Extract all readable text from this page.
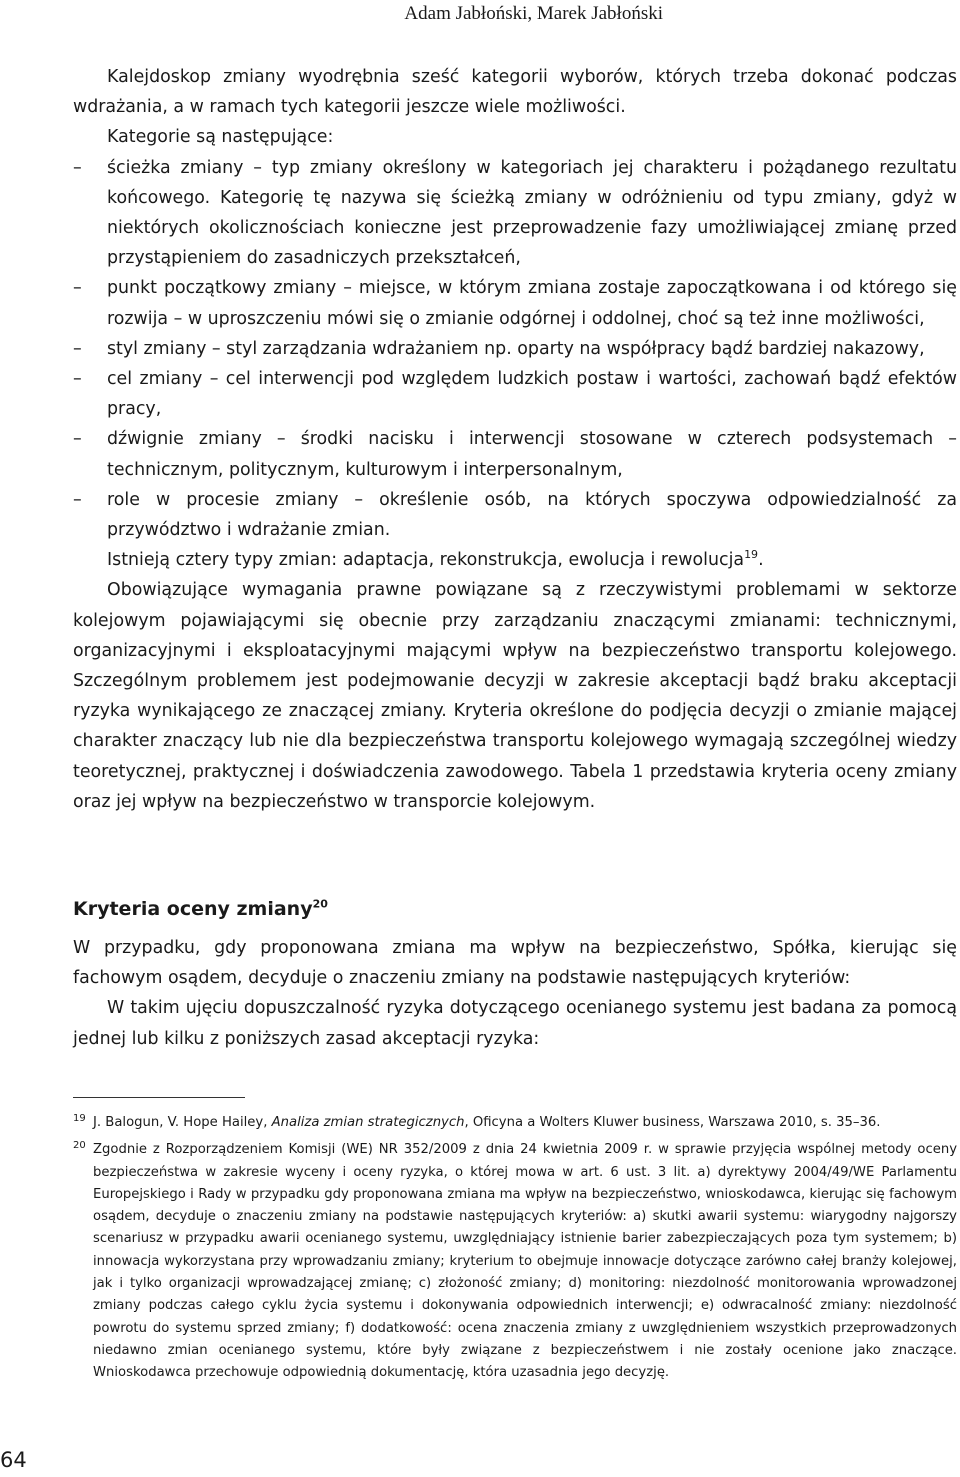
Adam Jabłoński, Marek Jabłoński

Kalejdoskop zmiany wyodrębnia sześć kategorii wyborów, których trzeba dokonać podczas wdrażania, a w ramach tych kategorii jeszcze wiele możliwości.

Kategorie są następujące:

– ścieżka zmiany – typ zmiany określony w kategoriach jej charakteru i pożądanego rezultatu końcowego. Kategorię tę nazywa się ścieżką zmiany w odróżnieniu od typu zmiany, gdyż w niektórych okolicznościach konieczne jest przeprowadzenie fazy umożliwiającej zmianę przed przystąpieniem do zasadniczych przekształceń,
– punkt początkowy zmiany – miejsce, w którym zmiana zostaje zapoczątkowana i od którego się rozwija – w uproszczeniu mówi się o zmianie odgórnej i oddolnej, choć są też inne możliwości,
– styl zmiany – styl zarządzania wdrażaniem np. oparty na współpracy bądź bardziej nakazowy,
– cel zmiany – cel interwencji pod względem ludzkich postaw i wartości, zachowań bądź efektów pracy,
– dźwignie zmiany – środki nacisku i interwencji stosowane w czterech podsystemach – technicznym, politycznym, kulturowym i interpersonalnym,
– role w procesie zmiany – określenie osób, na których spoczywa odpowiedzialność za przywództwo i wdrażanie zmian.

Istnieją cztery typy zmian: adaptacja, rekonstrukcja, ewolucja i rewolucja$^{19}$.

Obowiązujące wymagania prawne powiązane są z rzeczywistymi problemami w sektorze kolejowym pojawiającymi się obecnie przy zarządzaniu znaczącymi zmianami: technicznymi, organizacyjnymi i eksploatacyjnymi mającymi wpływ na bezpieczeństwo transportu kolejowego. Szczególnym problemem jest podejmowanie decyzji w zakresie akceptacji bądź braku akceptacji ryzyka wynikającego ze znaczącej zmiany. Kryteria określone do podjęcia decyzji o zmianie mającej charakter znaczący lub nie dla bezpieczeństwa transportu kolejowego wymagają szczególnej wiedzy teoretycznej, praktycznej i doświadczenia zawodowego. Tabela 1 przedstawia kryteria oceny zmiany oraz jej wpływ na bezpieczeństwo w transporcie kolejowym.

Kryteria oceny zmiany$^{20}$

W przypadku, gdy proponowana zmiana ma wpływ na bezpieczeństwo, Spółka, kierując się fachowym osądem, decyduje o znaczeniu zmiany na podstawie następujących kryteriów:

W takim ujęciu dopuszczalność ryzyka dotyczącego ocenianego systemu jest badana za pomocą jednej lub kilku z poniższych zasad akceptacji ryzyka:

19 J. Balogun, V. Hope Hailey, Analiza zmian strategicznych, Oficyna a Wolters Kluwer business, Warszawa 2010, s. 35–36.
20 Zgodnie z Rozporządzeniem Komisji (WE) NR 352/2009 z dnia 24 kwietnia 2009 r. w sprawie przyjęcia wspólnej metody oceny bezpieczeństwa w zakresie wyceny i oceny ryzyka, o której mowa w art. 6 ust. 3 lit. a) dyrektywy 2004/49/WE Parlamentu Europejskiego i Rady w przypadku gdy proponowana zmiana ma wpływ na bezpieczeństwo, wnioskodawca, kierując się fachowym osądem, decyduje o znaczeniu zmiany na podstawie następujących kryteriów: a) skutki awarii systemu: wiarygodny najgorszy scenariusz w przypadku awarii ocenianego systemu, uwzględniający istnienie barier zabezpieczających poza tym systemem; b) innowacja wykorzystana przy wprowadzaniu zmiany; kryterium to obejmuje innowacje dotyczące zarówno całej branży kolejowej, jak i tylko organizacji wprowadzającej zmianę; c) złożoność zmiany; d) monitoring: niezdolność monitorowania wprowadzonej zmiany podczas całego cyklu życia systemu i dokonywania odpowiednich interwencji; e) odwracalność zmiany: niezdolność powrotu do systemu sprzed zmiany; f) dodatkowość: ocena znaczenia zmiany z uwzględnieniem wszystkich przeprowadzonych niedawno zmian ocenianego systemu, które były związane z bezpieczeństwem i nie zostały ocenione jako znaczące. Wnioskodawca przechowuje odpowiednią dokumentację, która uzasadnia jego decyzję.
64
